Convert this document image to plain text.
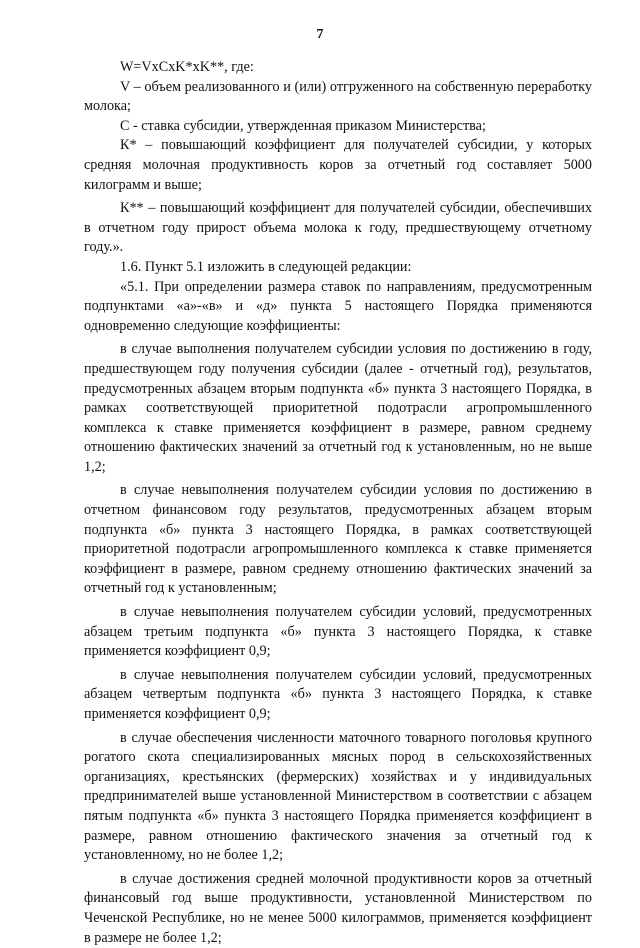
7

W=VxCxK*xK**, где:

V – объем реализованного и (или) отгруженного на собственную переработку молока;

С - ставка субсидии, утвержденная приказом Министерства;

К* – повышающий коэффициент для получателей субсидии, у которых средняя молочная продуктивность коров за отчетный год составляет 5000 килограмм и выше;

К** – повышающий коэффициент для получателей субсидии, обеспечивших в отчетном году прирост объема молока к году, предшествующему отчетному году.».

1.6. Пункт 5.1 изложить в следующей редакции:

«5.1. При определении размера ставок по направлениям, предусмотренным подпунктами «а»-«в» и «д» пункта 5 настоящего Порядка применяются одновременно следующие коэффициенты:

в случае выполнения получателем субсидии условия по достижению в году, предшествующем году получения субсидии (далее - отчетный год), результатов, предусмотренных абзацем вторым подпункта «б» пункта 3 настоящего Порядка, в рамках соответствующей приоритетной подотрасли агропромышленного комплекса к ставке применяется коэффициент в размере, равном среднему отношению фактических значений за отчетный год к установленным, но не выше 1,2;

в случае невыполнения получателем субсидии условия по достижению в отчетном финансовом году результатов, предусмотренных абзацем вторым подпункта «б» пункта 3 настоящего Порядка, в рамках соответствующей приоритетной подотрасли агропромышленного комплекса к ставке применяется коэффициент в размере, равном среднему отношению фактических значений за отчетный год к установленным;

в случае невыполнения получателем субсидии условий, предусмотренных абзацем третьим подпункта «б» пункта 3 настоящего Порядка, к ставке применяется коэффициент 0,9;

в случае невыполнения получателем субсидии условий, предусмотренных абзацем четвертым подпункта «б» пункта 3 настоящего Порядка, к ставке применяется коэффициент 0,9;

в случае обеспечения численности маточного товарного поголовья крупного рогатого скота специализированных мясных пород в сельскохозяйственных организациях, крестьянских (фермерских) хозяйствах и у индивидуальных предпринимателей выше установленной Министерством в соответствии с абзацем пятым подпункта «б» пункта 3 настоящего Порядка применяется коэффициент в размере, равном отношению фактического значения за отчетный год к установленному, но не более 1,2;

в случае достижения средней молочной продуктивности коров за отчетный финансовый год выше продуктивности, установленной Министерством по Чеченской Республике, но не менее 5000 килограммов, применяется коэффициент в размере не более 1,2;
